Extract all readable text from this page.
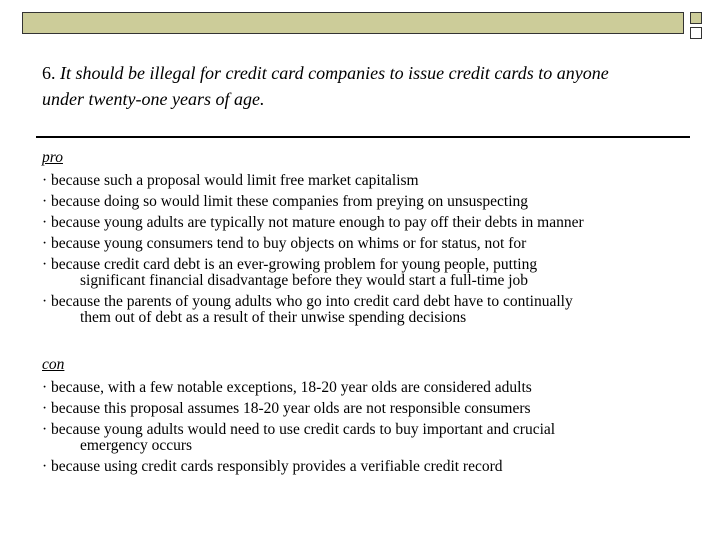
6. It should be illegal for credit card companies to issue credit cards to anyone
under twenty-one years of age.
pro
· because such a proposal would limit free market capitalism
· because doing so would limit these companies from preying on unsuspecting
· because young adults are typically not mature enough to pay off their debts in manner
· because young consumers tend to buy objects on whims or for status, not for
· because credit card debt is an ever-growing problem for young people, putting
significant financial disadvantage before they would start a full-time job
· because the parents of young adults who go into credit card debt have to continually
them out of debt as a result of their unwise spending decisions
con
· because, with a few notable exceptions, 18-20 year olds are considered adults
· because this proposal assumes 18-20 year olds are not responsible consumers
· because young adults would need to use credit cards to buy important and crucial
emergency occurs
· because using credit cards responsibly provides a verifiable credit record
